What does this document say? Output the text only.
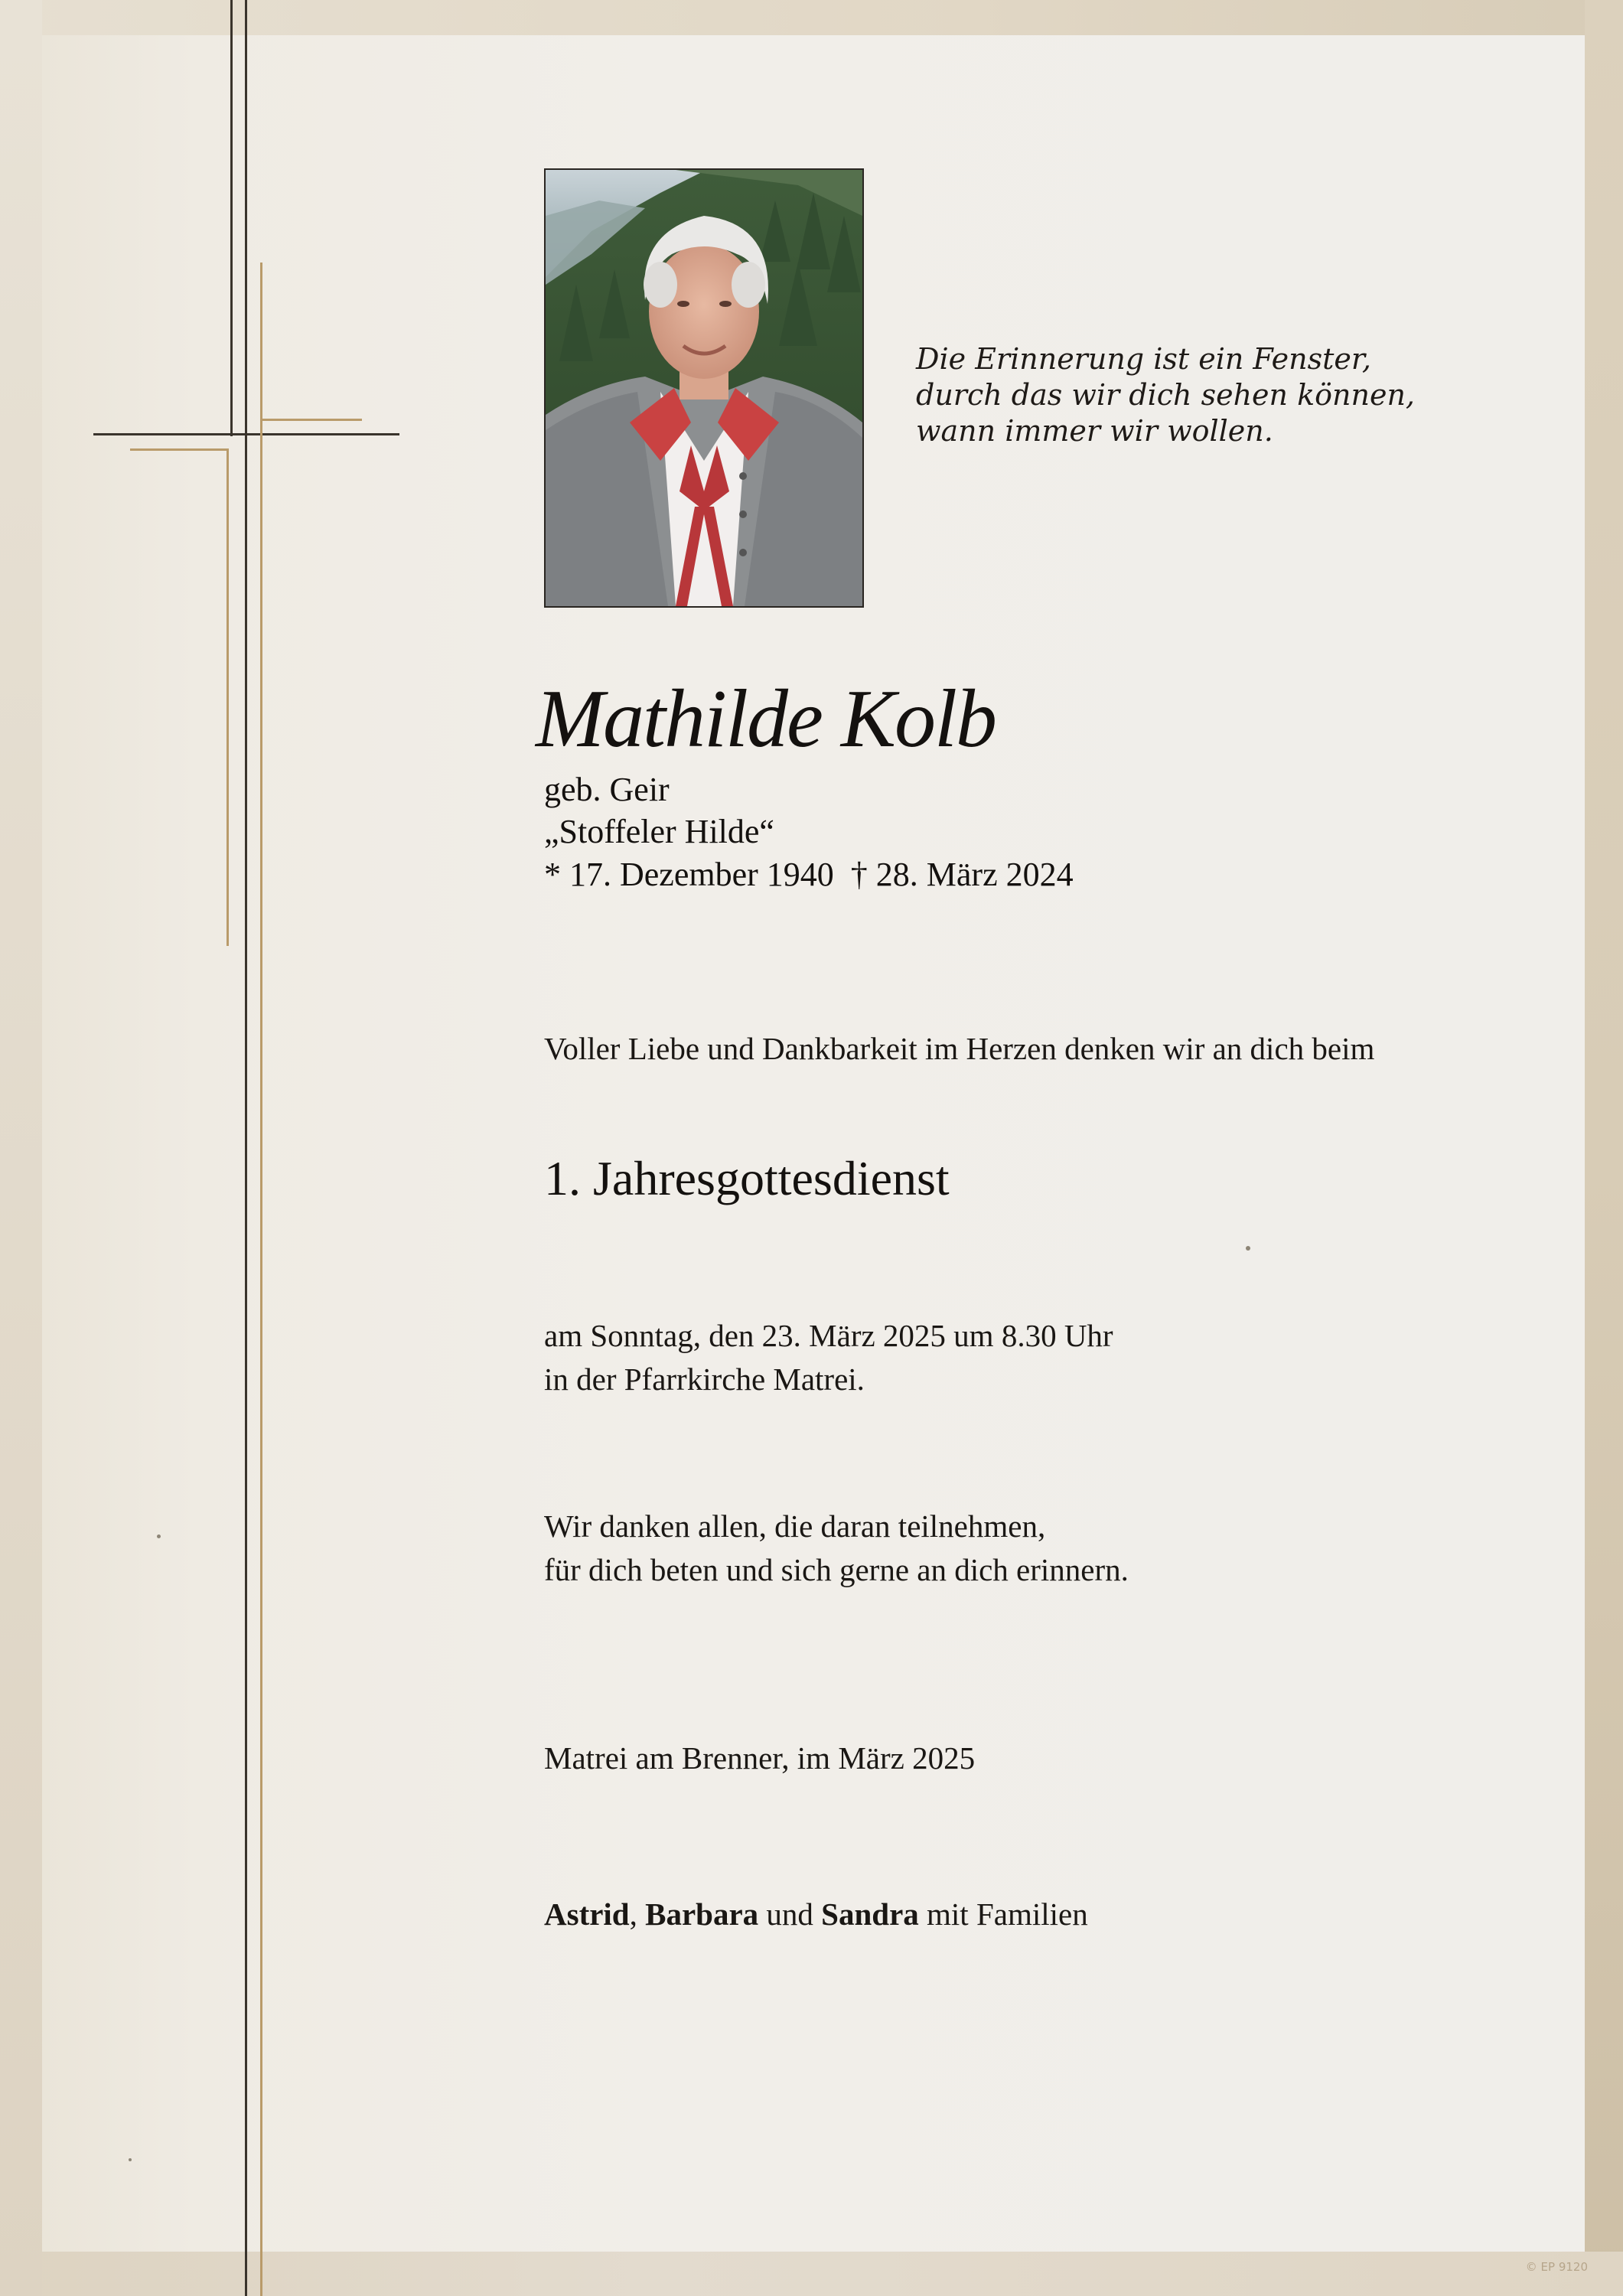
Die Erinnerung ist ein Fenster,
durch das wir dich sehen können,
wann immer wir wollen.
Mathilde Kolb
geb. Geir
„Stoffeler Hilde“
* 17. Dezember 1940  † 28. März 2024
Voller Liebe und Dankbarkeit im Herzen denken wir an dich beim
1. Jahresgottesdienst
am Sonntag, den 23. März 2025 um 8.30 Uhr
in der Pfarrkirche Matrei.
Wir danken allen, die daran teilnehmen,
für dich beten und sich gerne an dich erinnern.
Matrei am Brenner, im März 2025
Astrid, Barbara und Sandra mit Familien
© EP 9120
